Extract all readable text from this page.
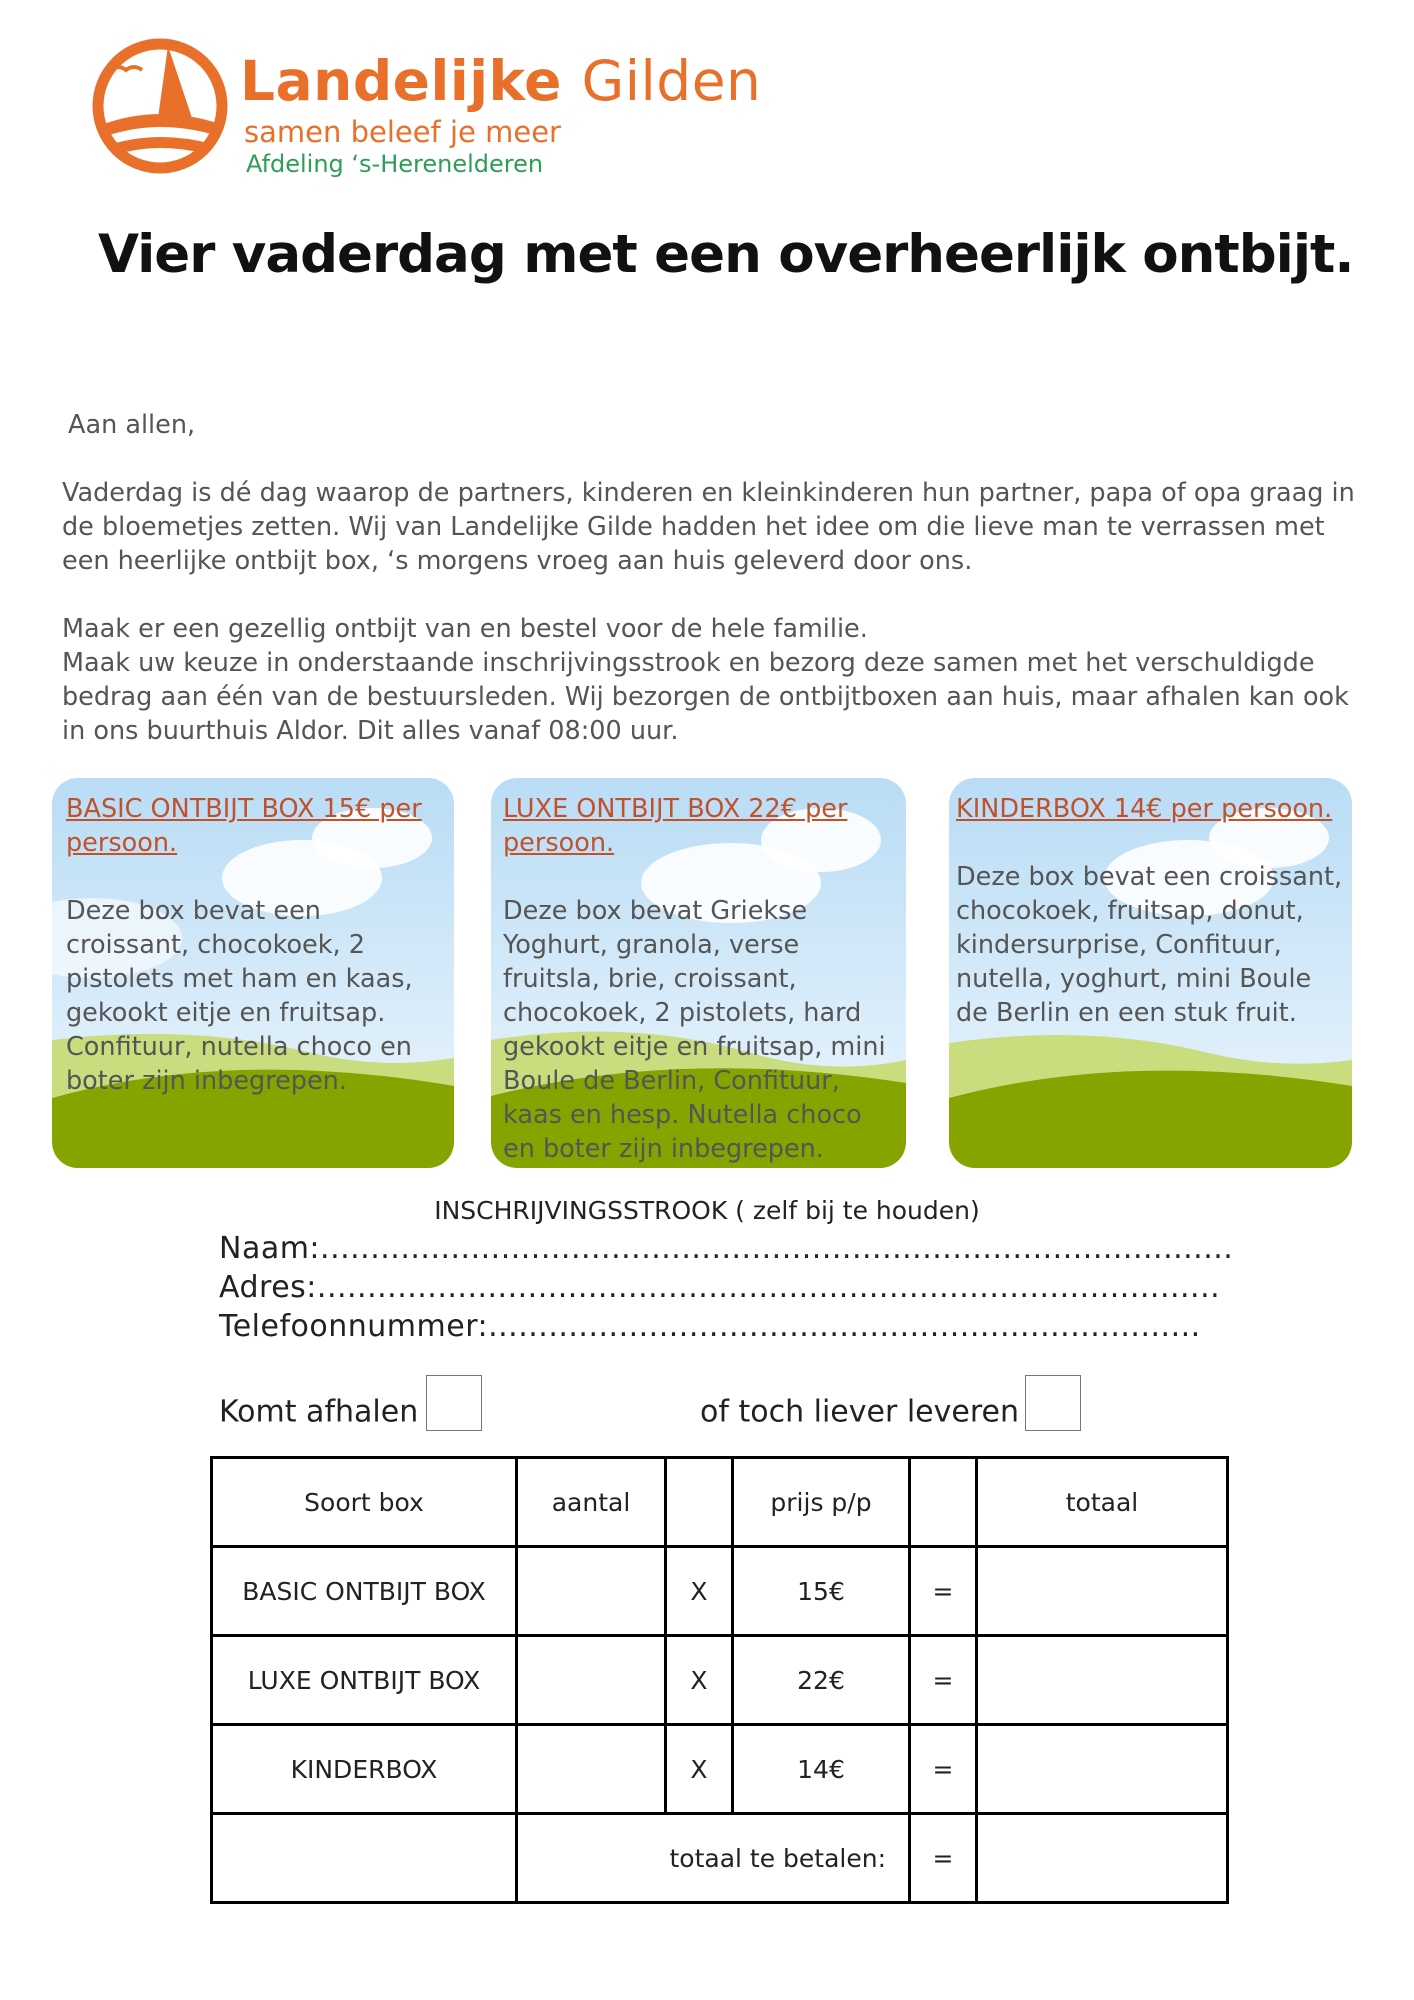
Landelijke Gilden
samen beleef je meer
Afdeling ‘s-Herenelderen
Vier vaderdag met een overheerlijk ontbijt.

Aan allen,

Vaderdag is dé dag waarop de partners, kinderen en kleinkinderen hun partner, papa of opa graag in de bloemetjes zetten. Wij van Landelijke Gilde hadden het idee om die lieve man te verrassen met een heerlijke ontbijt box, ‘s morgens vroeg aan huis geleverd door ons.

Maak er een gezellig ontbijt van en bestel voor de hele familie.

Maak uw keuze in onderstaande inschrijvingsstrook en bezorg deze samen met het verschuldigde bedrag aan één van de bestuursleden. Wij bezorgen de ontbijtboxen aan huis, maar afhalen kan ook in ons buurthuis Aldor. Dit alles vanaf 08:00 uur.

BASIC ONTBIJT BOX 15€ per persoon.
Deze box bevat een croissant, chocokoek, 2 pistolets met ham en kaas, gekookt eitje en fruitsap. Confituur, nutella choco en boter zijn inbegrepen.
LUXE ONTBIJT BOX 22€ per persoon.
Deze box bevat Griekse Yoghurt, granola, verse fruitsla, brie, croissant, chocokoek, 2 pistolets, hard gekookt eitje en fruitsap, mini Boule de Berlin, Confituur, kaas en hesp. Nutella choco en boter zijn inbegrepen.
KINDERBOX 14€ per persoon.
Deze box bevat een croissant, chocokoek, fruitsap, donut, kindersurprise, Confituur, nutella, yoghurt, mini Boule de Berlin en een stuk fruit.
INSCHRIJVINGSSTROOK ( zelf bij te houden)
Naam:...........................................................................................
Adres:..........................................................................................
Telefoonnummer:.......................................................................
Komt afhalen	of toch liever leveren
Soort box	aantal		prijs p/p		totaal
BASIC ONTBIJT BOX		X	15€	=	
LUXE ONTBIJT BOX		X	22€	=	
KINDERBOX		X	14€	=	
	totaal te betalen:			=	
